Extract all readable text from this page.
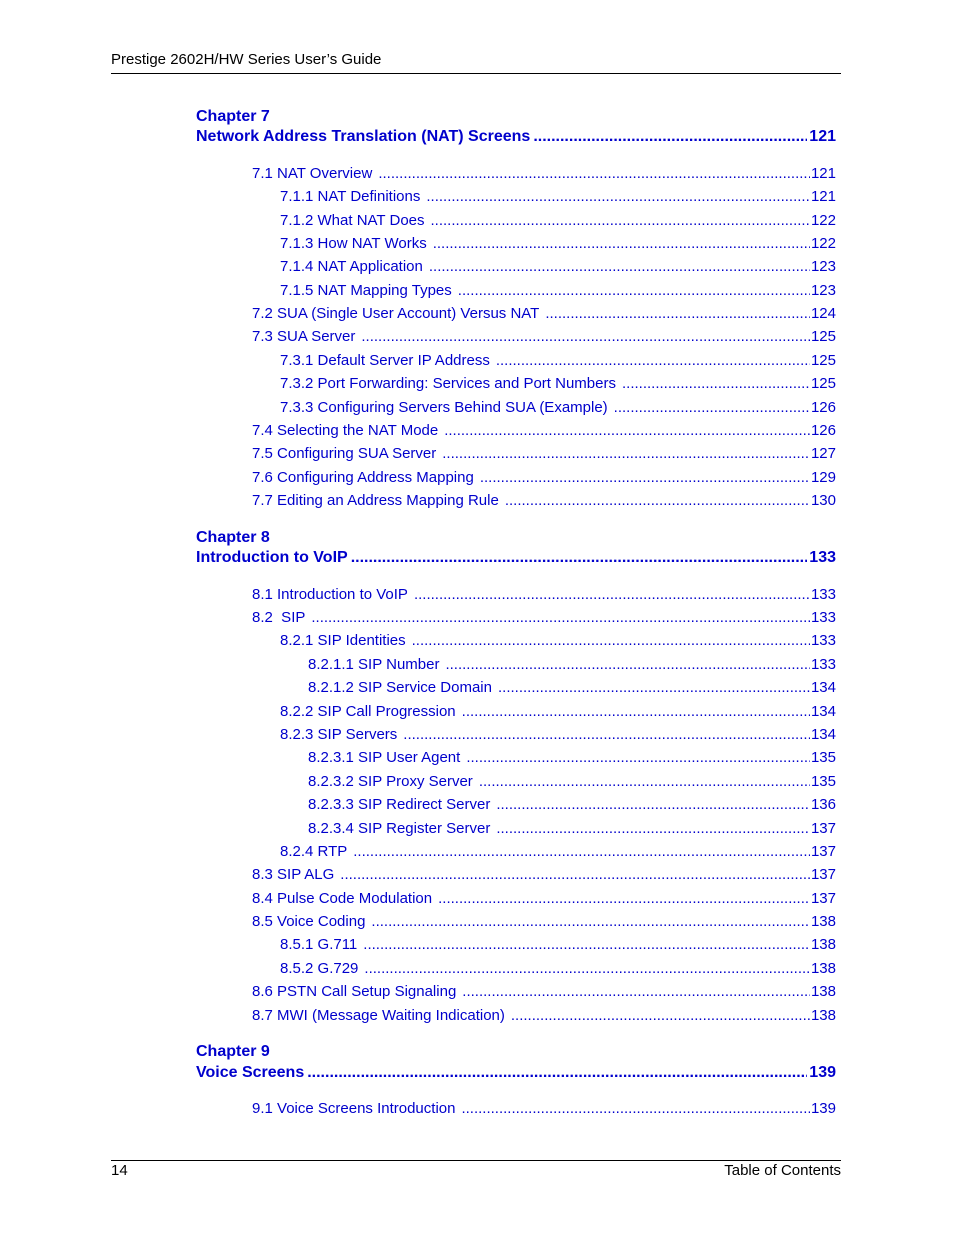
Prestige 2602H/HW Series User’s Guide
Chapter 7
Network Address Translation (NAT) Screens .....	121
7.1 NAT Overview .....	121
7.1.1 NAT Definitions .....	121
7.1.2 What NAT Does .....	122
7.1.3 How NAT Works .....	122
7.1.4 NAT Application .....	123
7.1.5 NAT Mapping Types .....	123
7.2 SUA (Single User Account) Versus NAT .....	124
7.3 SUA Server .....	125
7.3.1 Default Server IP Address .....	125
7.3.2 Port Forwarding: Services and Port Numbers .....	125
7.3.3 Configuring Servers Behind SUA (Example) .....	126
7.4 Selecting the NAT Mode .....	126
7.5 Configuring SUA Server .....	127
7.6 Configuring Address Mapping .....	129
7.7 Editing an Address Mapping Rule .....	130
Chapter 8
Introduction to VoIP .....	133
8.1 Introduction to VoIP .....	133
8.2  SIP .....	133
8.2.1 SIP Identities .....	133
8.2.1.1 SIP Number .....	133
8.2.1.2 SIP Service Domain .....	134
8.2.2 SIP Call Progression .....	134
8.2.3 SIP Servers .....	134
8.2.3.1 SIP User Agent .....	135
8.2.3.2 SIP Proxy Server .....	135
8.2.3.3 SIP Redirect Server .....	136
8.2.3.4 SIP Register Server .....	137
8.2.4 RTP .....	137
8.3 SIP ALG .....	137
8.4 Pulse Code Modulation .....	137
8.5 Voice Coding .....	138
8.5.1 G.711 .....	138
8.5.2 G.729 .....	138
8.6 PSTN Call Setup Signaling .....	138
8.7 MWI (Message Waiting Indication) .....	138
Chapter 9
Voice Screens .....	139
9.1 Voice Screens Introduction .....	139
14	Table of Contents
